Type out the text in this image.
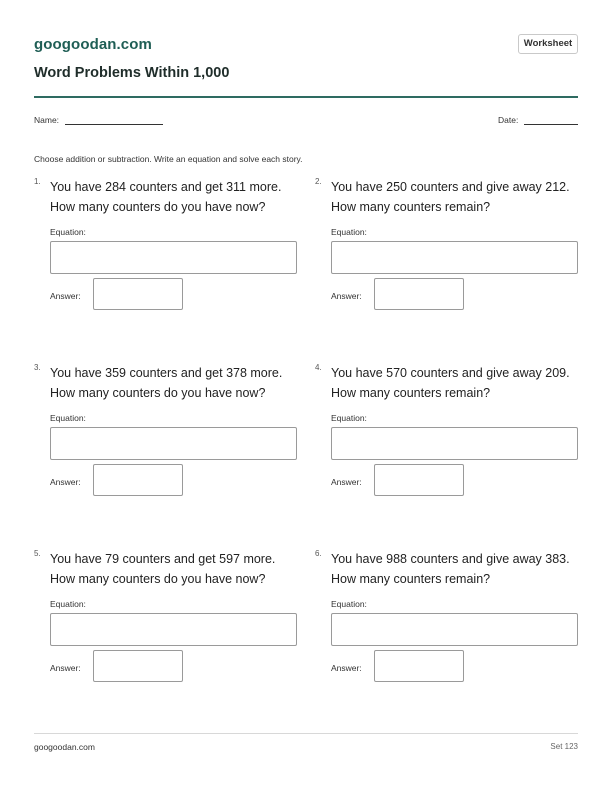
googoodan.com	Worksheet
Word Problems Within 1,000
Name:	Date:
Choose addition or subtraction. Write an equation and solve each story.
1. You have 284 counters and get 311 more.
How many counters do you have now?
Equation:
Answer:
2. You have 250 counters and give away 212.
How many counters remain?
Equation:
Answer:
3. You have 359 counters and get 378 more.
How many counters do you have now?
Equation:
Answer:
4. You have 570 counters and give away 209.
How many counters remain?
Equation:
Answer:
5. You have 79 counters and get 597 more.
How many counters do you have now?
Equation:
Answer:
6. You have 988 counters and give away 383.
How many counters remain?
Equation:
Answer:
googoodan.com	Set 123
